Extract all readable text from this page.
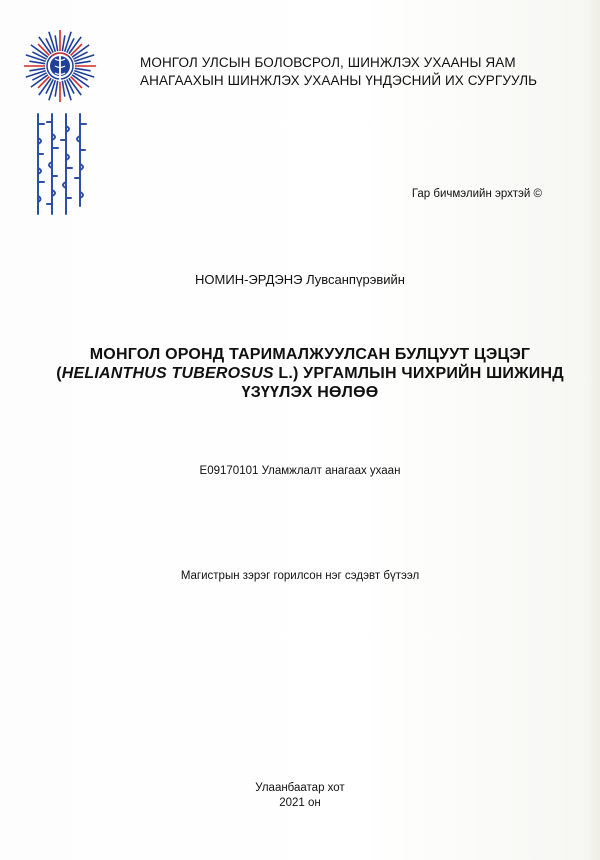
МОНГОЛ УЛСЫН БОЛОВСРОЛ, ШИНЖЛЭХ УХААНЫ ЯАМ
АНАГААХЫН ШИНЖЛЭХ УХААНЫ ҮНДЭСНИЙ ИХ СУРГУУЛЬ
Гар бичмэлийн эрхтэй ©
НОМИН-ЭРДЭНЭ Лувсанпүрэвийн
МОНГОЛ ОРОНД ТАРИМАЛЖУУЛСАН БУЛЦУУТ ЦЭЦЭГ
(HELIANTHUS TUBEROSUS L.) УРГАМЛЫН ЧИХРИЙН ШИЖИНД
ҮЗҮҮЛЭХ НӨЛӨӨ
E09170101 Уламжлалт анагаах ухаан
Магистрын зэрэг горилсон нэг сэдэвт бүтээл
Улаанбаатар хот
2021 он
